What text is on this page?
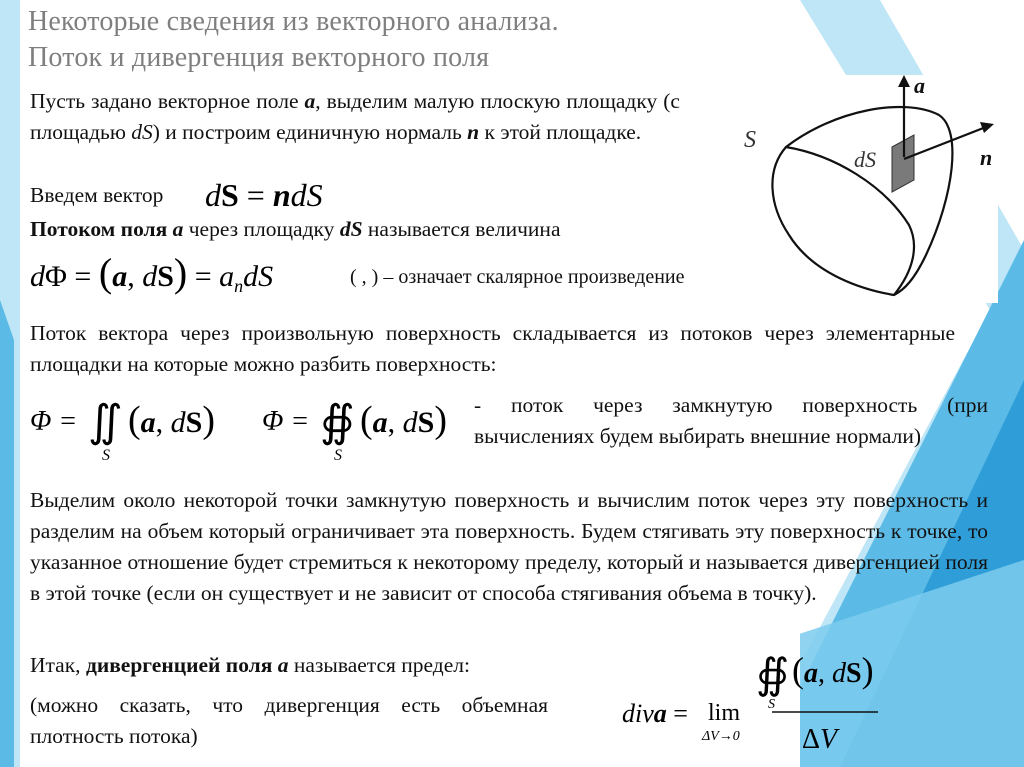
Некоторые сведения из векторного анализа.
Поток и дивергенция векторного поля
Пусть задано векторное поле a, выделим малую плоскую площадку (с площадью dS) и построим единичную нормаль n к этой площадке.
Введем вектор dS = ndS
Потоком поля a через площадку dS называется величина
dΦ = (a, $dS) = a_ndS$	( , ) – означает скалярное произведение
S
dS
a
n
Поток вектора через произвольную поверхность складывается из потоков через элементарные площадки на которые можно разбить поверхность:
Φ = ∬
S
(a, dS) Φ = ∯
S
(a, dS) - поток через замкнутую поверхность (при вычислениях будем выбирать внешние нормали)
Выделим около некоторой точки замкнутую поверхность и вычислим поток через эту поверхность и разделим на объем который ограничивает эта поверхность. Будем стягивать эту поверхность к точке, то указанное отношение будет стремиться к некоторому пределу, который и называется дивергенцией поля в этой точке (если он существует и не зависит от способа стягивания объема в точку).
Итак, дивергенцией поля a называется предел:
(можно сказать, что дивергенция есть объемная плотность потока)
diva = lim
ΔV→0
∯
S
(a, dS)
ΔV
